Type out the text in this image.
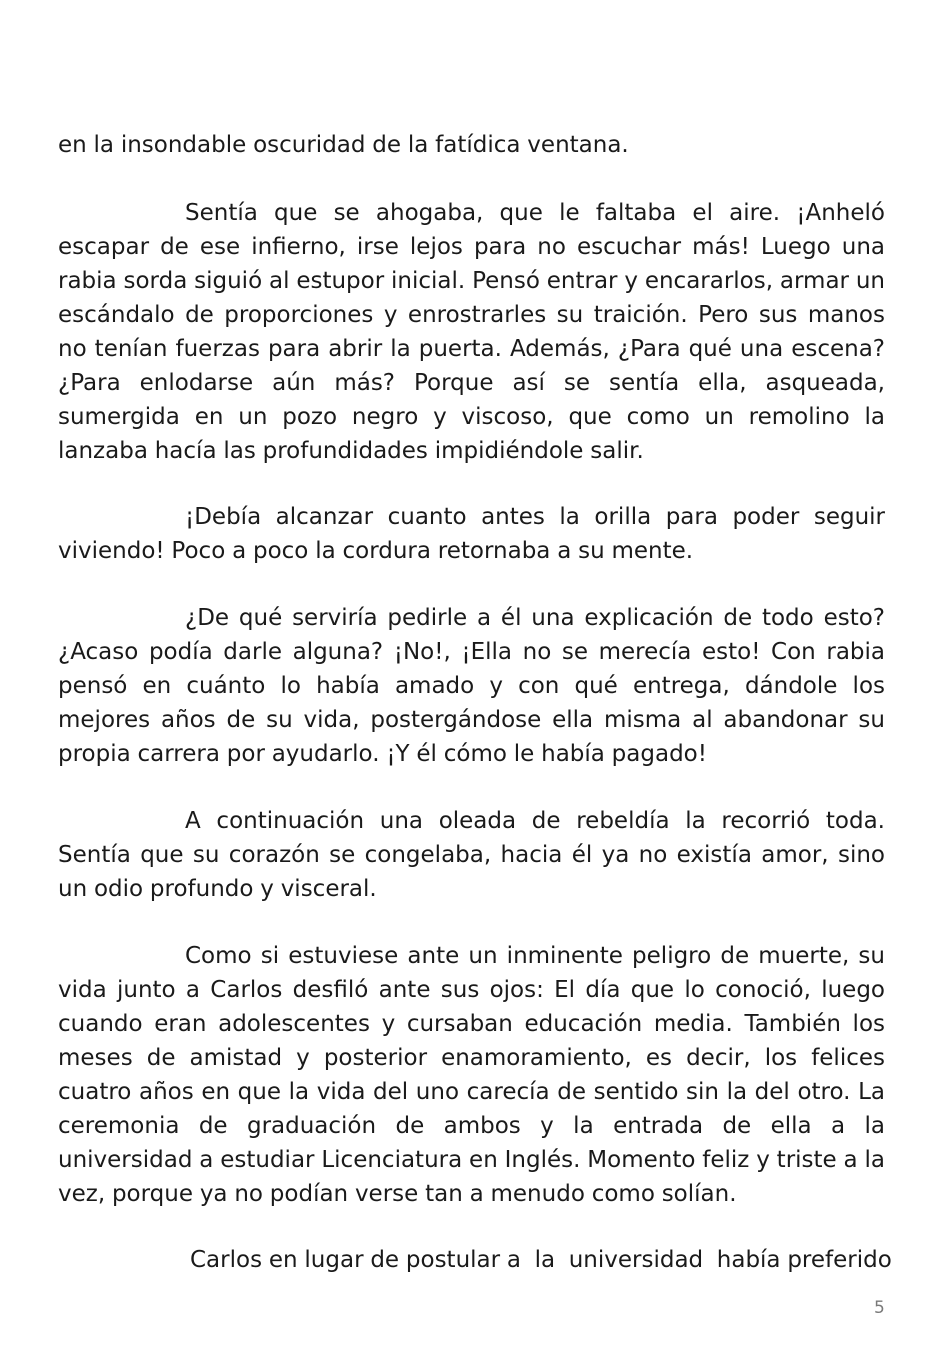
en la insondable oscuridad de la fatídica ventana.

Sentía que se ahogaba, que le faltaba el aire. ¡Anheló escapar de ese infierno, irse lejos para no escuchar más! Luego una rabia sorda siguió al estupor inicial. Pensó entrar y encararlos, armar un escándalo de proporciones y enrostrarles su traición. Pero sus manos no tenían fuerzas para abrir la puerta. Además, ¿Para qué una escena? ¿Para enlodarse aún más? Porque así se sentía ella, asqueada, sumergida en un pozo negro y viscoso, que como un remolino la lanzaba hacía las profundidades impidiéndole salir.

¡Debía alcanzar cuanto antes la orilla para poder seguir viviendo! Poco a poco la cordura retornaba a su mente.

¿De qué serviría pedirle a él una explicación de todo esto? ¿Acaso podía darle alguna? ¡No!, ¡Ella no se merecía esto! Con rabia pensó en cuánto lo había amado y con qué entrega, dándole los mejores años de su vida, postergándose ella misma al abandonar su propia carrera por ayudarlo. ¡Y él cómo le había pagado!

A continuación una oleada de rebeldía la recorrió toda. Sentía que su corazón se congelaba, hacia él ya no existía amor, sino un odio profundo y visceral.

Como si estuviese ante un inminente peligro de muerte, su vida junto a Carlos desfiló ante sus ojos: El día que lo conoció, luego cuando eran adolescentes y cursaban educación media. También los meses de amistad y posterior enamoramiento, es decir, los felices cuatro años en que la vida del uno carecía de sentido sin la del otro. La ceremonia de graduación de ambos y la entrada de ella a la universidad a estudiar Licenciatura en Inglés. Momento feliz y triste a la vez, porque ya no podían verse tan a menudo como solían.

Carlos en lugar de postular a  la  universidad  había preferido

5
